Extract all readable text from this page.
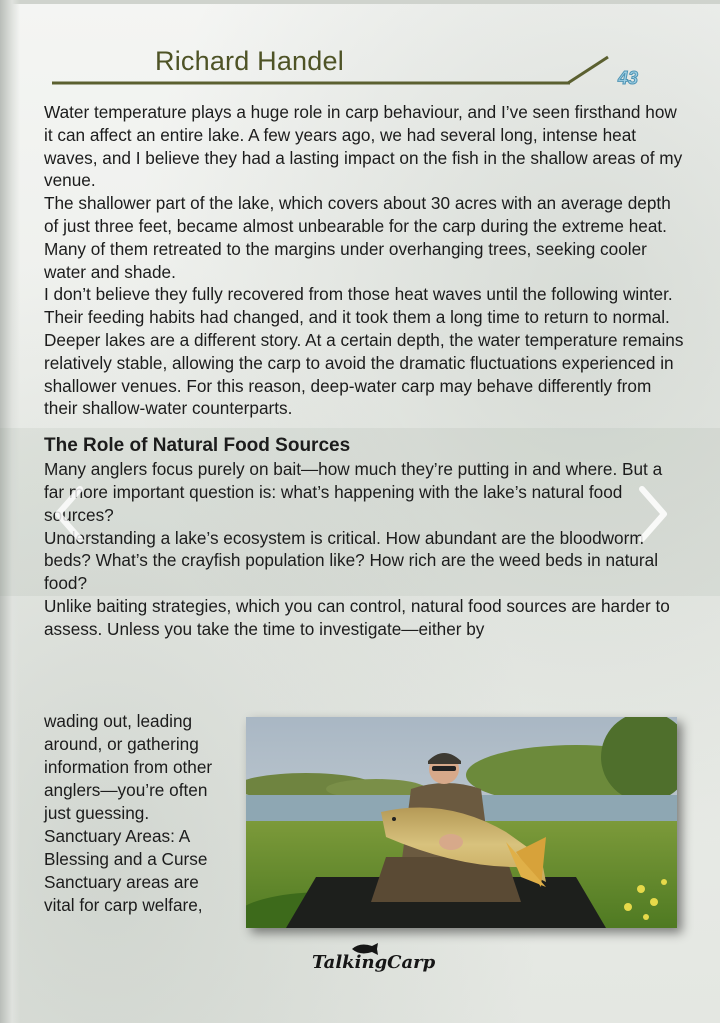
Richard Handel
43

Water temperature plays a huge role in carp behaviour, and I’ve seen firsthand how it can affect an entire lake. A few years ago, we had several long, intense heat waves, and I believe they had a lasting impact on the fish in the shallow areas of my venue.

The shallower part of the lake, which covers about 30 acres with an average depth of just three feet, became almost unbearable for the carp during the extreme heat. Many of them retreated to the margins under overhanging trees, seeking cooler water and shade.

I don’t believe they fully recovered from those heat waves until the following winter. Their feeding habits had changed, and it took them a long time to return to normal.

Deeper lakes are a different story. At a certain depth, the water temperature remains relatively stable, allowing the carp to avoid the dramatic fluctuations experienced in shallower venues. For this reason, deep-water carp may behave differently from their shallow-water counterparts.

The Role of Natural Food Sources

Many anglers focus purely on bait—how much they’re putting in and where. But a far more important question is: what’s happening with the lake’s natural food sources?

Understanding a lake’s ecosystem is critical. How abundant are the bloodworm beds? What’s the crayfish population like? How rich are the weed beds in natural food?

Unlike baiting strategies, which you can control, natural food sources are harder to assess. Unless you take the time to investigate—either by

wading out, leading around, or gathering information from other anglers—you’re often just guessing.

Sanctuary Areas: A Blessing and a Curse

Sanctuary areas are vital for carp welfare,

TalkingCarp
